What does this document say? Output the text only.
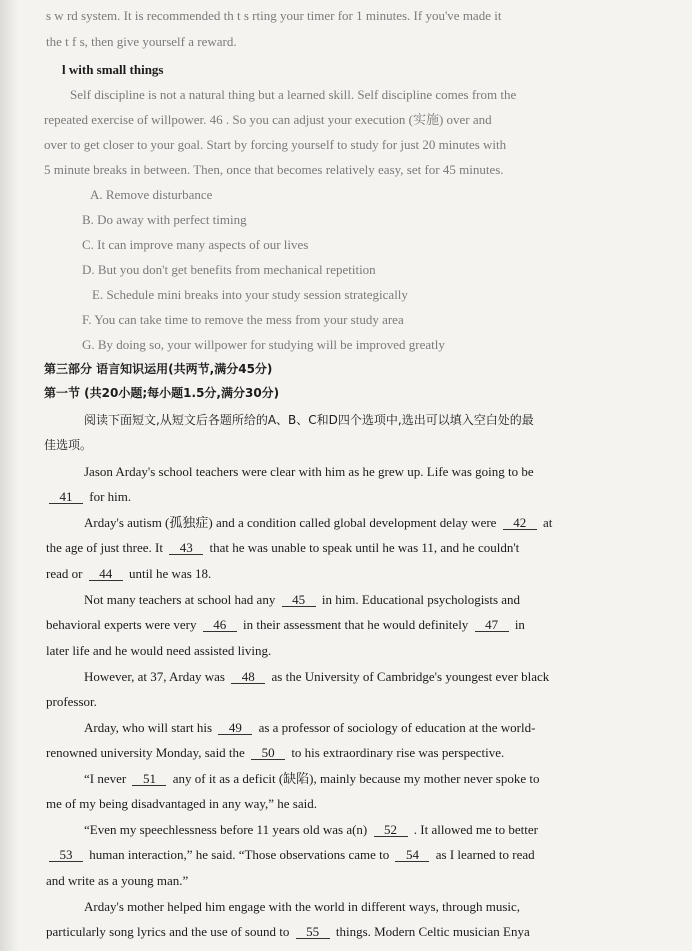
s w rd system. It is recommended th t s rting your timer for 1 minutes. If you've made it
the t f s, then give yourself a reward.
l with small things
Self discipline is not a natural thing but a learned skill. Self discipline comes from the
repeated exercise of willpower. 46 . So you can adjust your execution (实施) over and
over to get closer to your goal. Start by forcing yourself to study for just 20 minutes with
5 minute breaks in between. Then, once that becomes relatively easy, set for 45 minutes.
A. Remove disturbance
B. Do away with perfect timing
C. It can improve many aspects of our lives
D. But you don't get benefits from mechanical repetition
E. Schedule mini breaks into your study session strategically
F. You can take time to remove the mess from your study area
G. By doing so, your willpower for studying will be improved greatly
第三部分 语言知识运用(共两节,满分45分)
第一节 (共20小题;每小题1.5分,满分30分)
阅读下面短文,从短文后各题所给的A、B、C和D四个选项中,选出可以填入空白处的最
佳选项。
Jason Arday's school teachers were clear with him as he grew up. Life was going to be
41 for him.
Arday's autism (孤独症) and a condition called global development delay were 42 at
the age of just three. It 43 that he was unable to speak until he was 11, and he couldn't
read or 44 until he was 18.
Not many teachers at school had any 45 in him. Educational psychologists and
behavioral experts were very 46 in their assessment that he would definitely 47 in
later life and he would need assisted living.
However, at 37, Arday was 48 as the University of Cambridge's youngest ever black
professor.
Arday, who will start his 49 as a professor of sociology of education at the world-
renowned university Monday, said the 50 to his extraordinary rise was perspective.
“I never 51 any of it as a deficit (缺陷), mainly because my mother never spoke to
me of my being disadvantaged in any way,” he said.
“Even my speechlessness before 11 years old was a(n) 52 . It allowed me to better
53 human interaction,” he said. “Those observations came to 54 as I learned to read
and write as a young man.”
Arday's mother helped him engage with the world in different ways, through music,
particularly song lyrics and the use of sound to 55 things. Modern Celtic musician Enya
